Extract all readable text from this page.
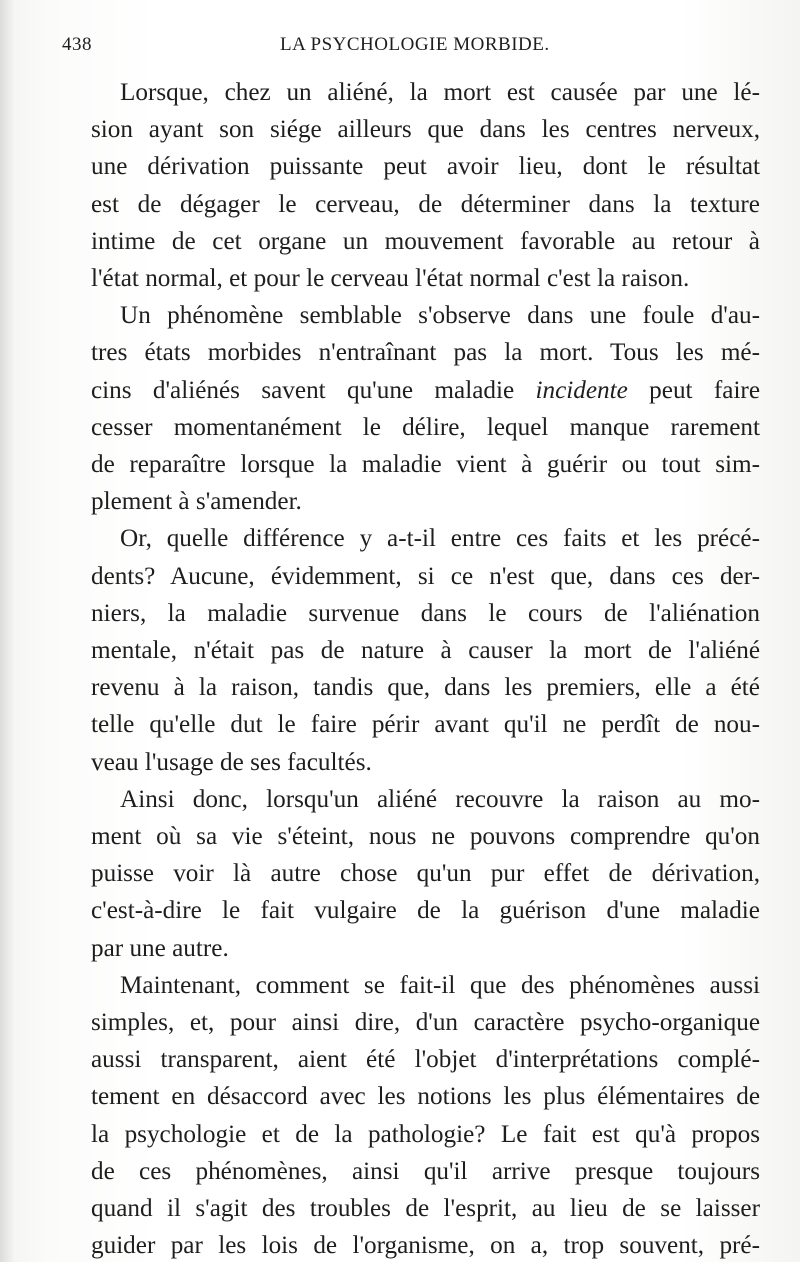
438	LA PSYCHOLOGIE MORBIDE.
Lorsque, chez un aliéné, la mort est causée par une lé-
sion ayant son siége ailleurs que dans les centres nerveux,
une dérivation puissante peut avoir lieu, dont le résultat
est de dégager le cerveau, de déterminer dans la texture
intime de cet organe un mouvement favorable au retour à
l'état normal, et pour le cerveau l'état normal c'est la raison.
Un phénomène semblable s'observe dans une foule d'au-
tres états morbides n'entraînant pas la mort. Tous les mé-
cins d'aliénés savent qu'une maladie incidente peut faire
cesser momentanément le délire, lequel manque rarement
de reparaître lorsque la maladie vient à guérir ou tout sim-
plement à s'amender.
Or, quelle différence y a-t-il entre ces faits et les précé-
dents? Aucune, évidemment, si ce n'est que, dans ces der-
niers, la maladie survenue dans le cours de l'aliénation
mentale, n'était pas de nature à causer la mort de l'aliéné
revenu à la raison, tandis que, dans les premiers, elle a été
telle qu'elle dut le faire périr avant qu'il ne perdît de nou-
veau l'usage de ses facultés.
Ainsi donc, lorsqu'un aliéné recouvre la raison au mo-
ment où sa vie s'éteint, nous ne pouvons comprendre qu'on
puisse voir là autre chose qu'un pur effet de dérivation,
c'est-à-dire le fait vulgaire de la guérison d'une maladie
par une autre.
Maintenant, comment se fait-il que des phénomènes aussi
simples, et, pour ainsi dire, d'un caractère psycho-organique
aussi transparent, aient été l'objet d'interprétations complé-
tement en désaccord avec les notions les plus élémentaires de
la psychologie et de la pathologie? Le fait est qu'à propos
de ces phénomènes, ainsi qu'il arrive presque toujours
quand il s'agit des troubles de l'esprit, au lieu de se laisser
guider par les lois de l'organisme, on a, trop souvent, pré-
